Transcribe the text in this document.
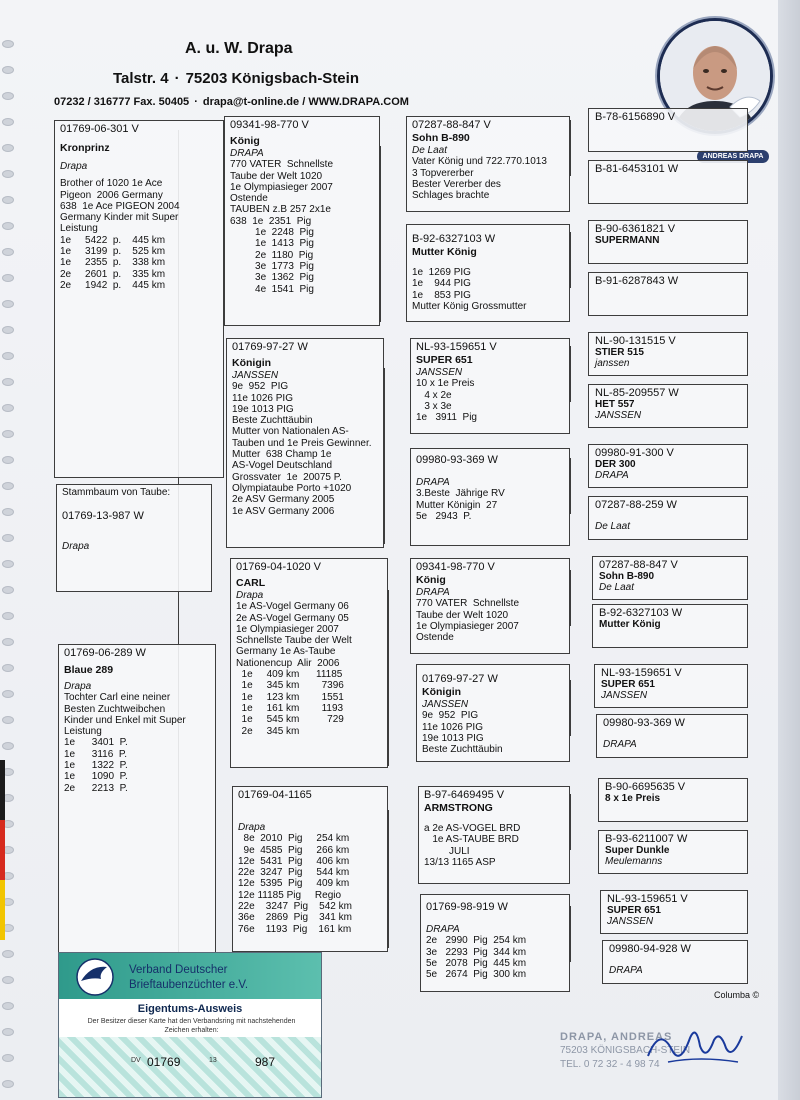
A. u. W. Drapa
Talstr. 4 · 75203 Königsbach-Stein
07232 / 316777 Fax. 50405 · drapa@t-online.de / WWW.DRAPA.COM
ANDREAS DRAPA
01769-06-301 V
Kronprinz
Drapa
Brother of 1020 1e Ace
Pigeon  2006 Germany
638  1e Ace PIGEON 2004
Germany Kinder mit Super
Leistung
1e     5422  p.    445 km
1e     3199  p.    525 km
1e     2355  p.    338 km
2e     2601  p.    335 km
2e     1942  p.    445 km
Stammbaum von Taube:
01769-13-987 W
Drapa
01769-06-289 W
Blaue 289
Drapa
Tochter Carl eine neiner
Besten Zuchtweibchen
Kinder und Enkel mit Super
Leistung
1e      3401  P.
1e      3116  P.
1e      1322  P.
1e      1090  P.
2e      2213  P.
09341-98-770 V
König
DRAPA
770 VATER  Schnellste
Taube der Welt 1020
1e Olympiasieger 2007
Ostende
TAUBEN z.B 257 2x1e
638  1e  2351  Pig
1e  2248  Pig
1e  1413  Pig
2e  1180  Pig
3e  1773  Pig
3e  1362  Pig
4e  1541  Pig
01769-97-27 W
Königin
JANSSEN
9e  952  PIG
11e 1026 PIG
19e 1013 PIG
Beste Zuchttäubin
Mutter von Nationalen AS-
Tauben und 1e Preis Gewinner.
Mutter  638 Champ 1e
AS-Vogel Deutschland
Grossvater  1e  20075 P.
Olympiataube Porto +1020
2e ASV Germany 2005
1e ASV Germany 2006
01769-04-1020 V
CARL
Drapa
1e AS-Vogel Germany 06
2e AS-Vogel Germany 05
1e Olympiasieger 2007
Schnellste Taube der Welt
Germany 1e As-Taube
Nationencup  Alir  2006
1e     409 km      11185
1e     345 km        7396
1e     123 km        1551
1e     161 km        1193
1e     545 km          729
2e     345 km
01769-04-1165
Drapa
8e  2010  Pig     254 km
9e  4585  Pig     266 km
12e  5431  Pig     406 km
22e  3247  Pig     544 km
12e  5395  Pig     409 km
12e 11185 Pig     Regio
22e    3247  Pig    542 km
36e    2869  Pig    341 km
76e    1193  Pig    161 km
07287-88-847 V
Sohn B-890
De Laat
Vater König und 722.770.1013
3 Topvererber
Bester Vererber des
Schlages brachte
B-92-6327103 W
Mutter König
1e  1269 PIG
1e    944 PIG
1e    853 PIG
Mutter König Grossmutter
NL-93-159651 V
SUPER 651
JANSSEN
10 x 1e Preis
4 x 2e
3 x 3e
1e   3911  Pig
09980-93-369 W
DRAPA
3.Beste  Jährige RV
Mutter Königin  27
5e   2943  P.
09341-98-770 V
König
DRAPA
770 VATER  Schnellste
Taube der Welt 1020
1e Olympiasieger 2007
Ostende
01769-97-27 W
Königin
JANSSEN
9e  952  PIG
11e 1026 PIG
19e 1013 PIG
Beste Zuchttäubin
B-97-6469495 V
ARMSTRONG
a 2e AS-VOGEL BRD
1e AS-TAUBE BRD
JULI
13/13 1165 ASP
01769-98-919 W
DRAPA
2e   2990  Pig  254 km
3e   2293  Pig  344 km
5e   2078  Pig  445 km
5e   2674  Pig  300 km
B-78-6156890 V
B-81-6453101 W
B-90-6361821 V
SUPERMANN
B-91-6287843 W
NL-90-131515 V
STIER 515
janssen
NL-85-209557 W
HET 557
JANSSEN
09980-91-300 V
DER 300
DRAPA
07287-88-259 W
De Laat
07287-88-847 V
Sohn B-890
De Laat
B-92-6327103 W
Mutter König
NL-93-159651 V
SUPER 651
JANSSEN
09980-93-369 W
DRAPA
B-90-6695635 V
8 x 1e Preis
B-93-6211007 W
Super Dunkle
Meulemanns
NL-93-159651 V
SUPER 651
JANSSEN
09980-94-928 W
DRAPA
Verband Deutscher
Brieftaubenzüchter e.V.
Eigentums-Ausweis
Der Besitzer dieser Karte hat den Verbandsring mit nachstehenden Zeichen erhalten:
DV 01769	13	987
Columba ©
DRAPA, ANDREAS
75203 KÖNIGSBACH-STEIN
TEL. 0 72 32 - 4 98 74
